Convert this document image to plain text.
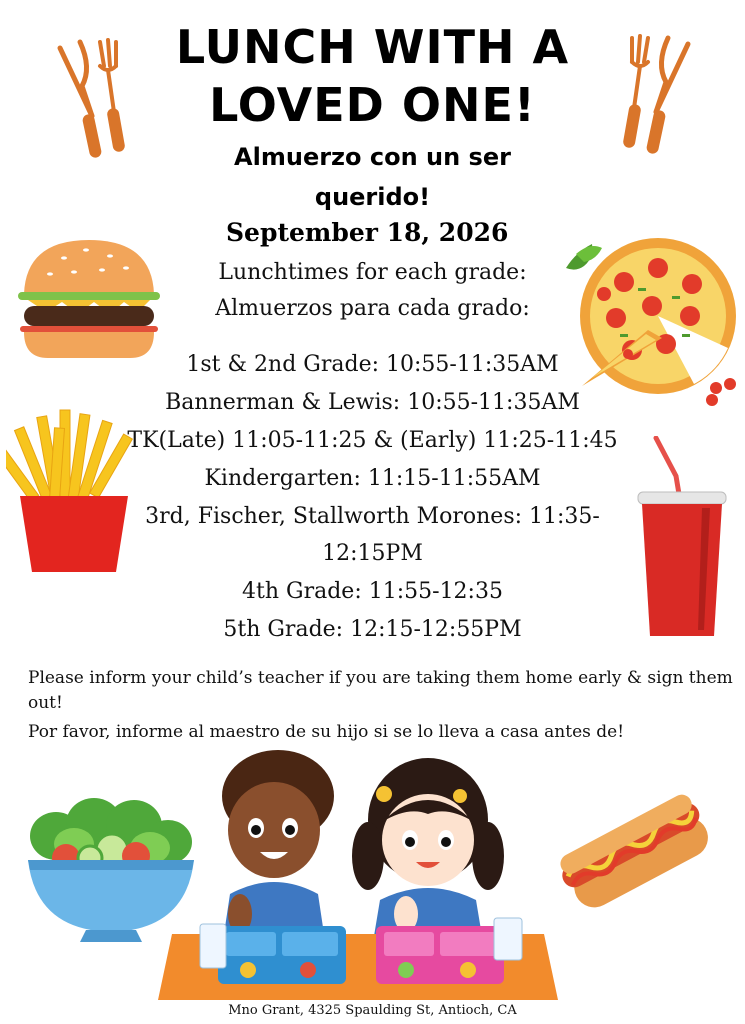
LUNCH WITH A
LOVED ONE!
Almuerzo con un ser
querido!
September 18, 2026
Lunchtimes for each grade:
Almuerzos para cada grado:
1st & 2nd Grade: 10:55-11:35AM
Bannerman & Lewis: 10:55-11:35AM
TK(Late) 11:05-11:25 & (Early) 11:25-11:45
Kindergarten: 11:15-11:55AM
3rd, Fischer, Stallworth Morones: 11:35-
12:15PM
4th Grade: 11:55-12:35
5th Grade: 12:15-12:55PM
Please inform your child’s teacher if you are taking them home early & sign them out!
Por favor, informe al maestro de su hijo si se lo lleva a casa antes de!
Mno Grant, 4325 Spaulding St, Antioch, CA
